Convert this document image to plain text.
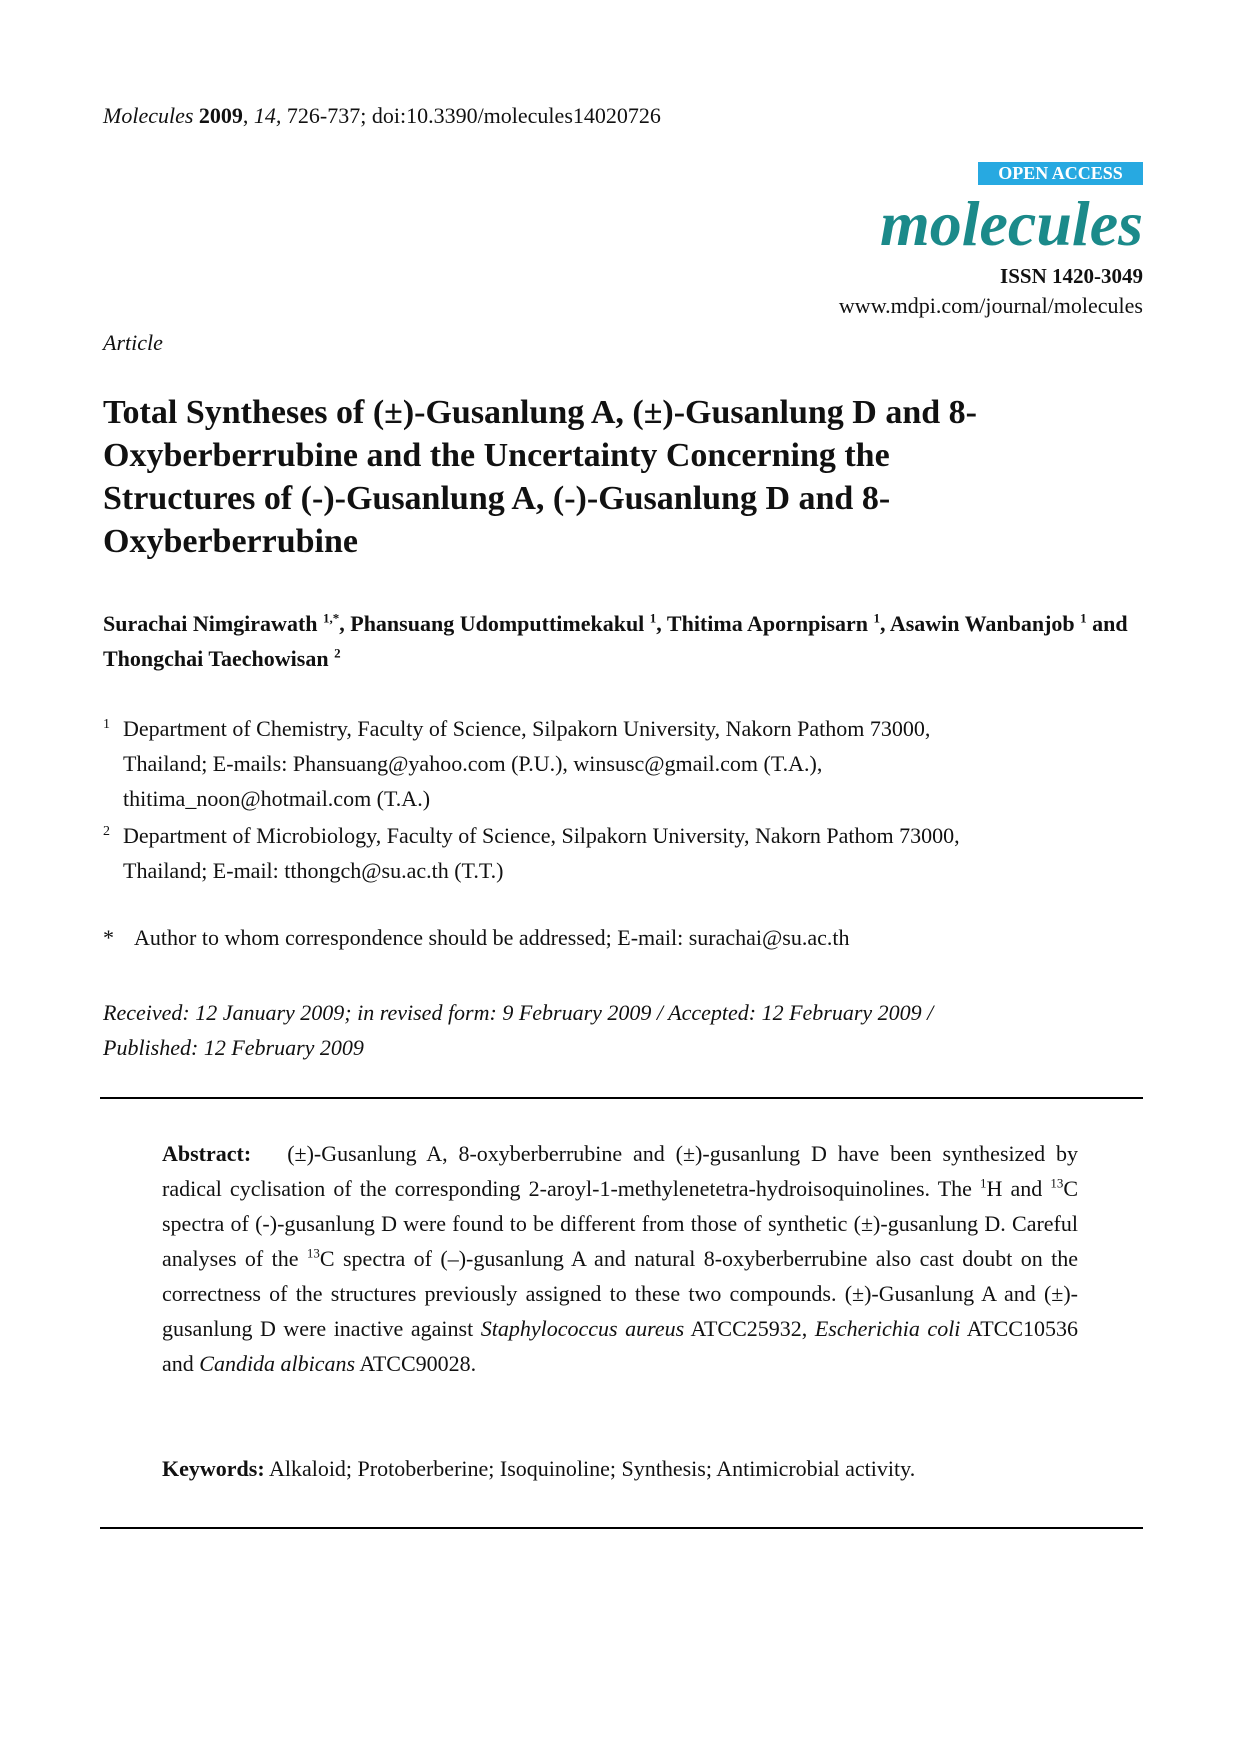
Molecules 2009, 14, 726-737; doi:10.3390/molecules14020726
OPEN ACCESS
molecules
ISSN 1420-3049
www.mdpi.com/journal/molecules
Article
Total Syntheses of (±)-Gusanlung A, (±)-Gusanlung D and 8-
Oxyberberrubine and the Uncertainty Concerning the
Structures of (-)-Gusanlung A, (-)-Gusanlung D and 8-
Oxyberberrubine
Surachai Nimgirawath $^{1,*}$, Phansuang Udomputtimekakul $^1$, Thitima Apornpisarn $^1$, Asawin Wanbanjob $^1$ and Thongchai Taechowisan $^2$
1 Department of Chemistry, Faculty of Science, Silpakorn University, Nakorn Pathom 73000,
Thailand; E-mails: Phansuang@yahoo.com (P.U.), winsusc@gmail.com (T.A.),
thitima_noon@hotmail.com (T.A.)
2 Department of Microbiology, Faculty of Science, Silpakorn University, Nakorn Pathom 73000,
Thailand; E-mail: tthongch@su.ac.th (T.T.)
* Author to whom correspondence should be addressed; E-mail: surachai@su.ac.th
Received: 12 January 2009; in revised form: 9 February 2009 / Accepted: 12 February 2009 /
Published: 12 February 2009
Abstract: (±)-Gusanlung A, 8-oxyberberrubine and (±)-gusanlung D have been synthesized by radical cyclisation of the corresponding 2-aroyl-1-methylenetetra-hydroisoquinolines. The $^1$H and $^{13}$C spectra of (-)-gusanlung D were found to be different from those of synthetic (±)-gusanlung D. Careful analyses of the $^{13}$C spectra of (–)-gusanlung A and natural 8-oxyberberrubine also cast doubt on the correctness of the structures previously assigned to these two compounds. (±)-Gusanlung A and (±)-gusanlung D were inactive against Staphylococcus aureus ATCC25932, Escherichia coli ATCC10536 and Candida albicans ATCC90028.
Keywords: Alkaloid; Protoberberine; Isoquinoline; Synthesis; Antimicrobial activity.
